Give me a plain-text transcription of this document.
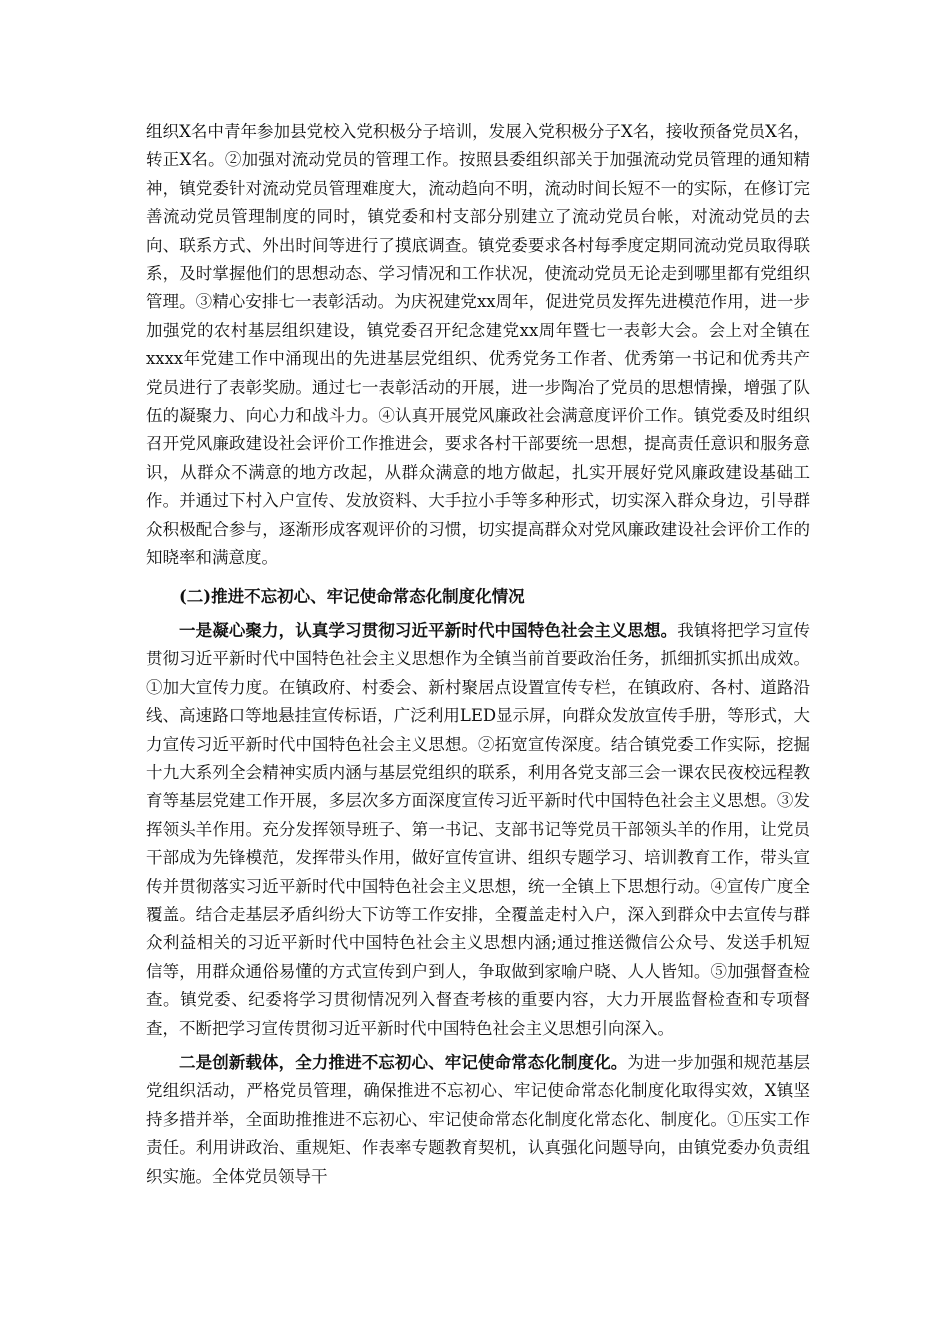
组织X名中青年参加县党校入党积极分子培训，发展入党积极分子X名，接收预备党员X名，转正X名。②加强对流动党员的管理工作。按照县委组织部关于加强流动党员管理的通知精神，镇党委针对流动党员管理难度大，流动趋向不明，流动时间长短不一的实际，在修订完善流动党员管理制度的同时，镇党委和村支部分别建立了流动党员台帐，对流动党员的去向、联系方式、外出时间等进行了摸底调查。镇党委要求各村每季度定期同流动党员取得联系，及时掌握他们的思想动态、学习情况和工作状况，使流动党员无论走到哪里都有党组织管理。③精心安排七一表彰活动。为庆祝建党xx周年，促进党员发挥先进模范作用，进一步加强党的农村基层组织建设，镇党委召开纪念建党xx周年暨七一表彰大会。会上对全镇在xxxx年党建工作中涌现出的先进基层党组织、优秀党务工作者、优秀第一书记和优秀共产党员进行了表彰奖励。通过七一表彰活动的开展，进一步陶冶了党员的思想情操，增强了队伍的凝聚力、向心力和战斗力。④认真开展党风廉政社会满意度评价工作。镇党委及时组织召开党风廉政建设社会评价工作推进会，要求各村干部要统一思想，提高责任意识和服务意识，从群众不满意的地方改起，从群众满意的地方做起，扎实开展好党风廉政建设基础工作。并通过下村入户宣传、发放资料、大手拉小手等多种形式，切实深入群众身边，引导群众积极配合参与，逐渐形成客观评价的习惯，切实提高群众对党风廉政建设社会评价工作的知晓率和满意度。

(二)推进不忘初心、牢记使命常态化制度化情况

一是凝心聚力，认真学习贯彻习近平新时代中国特色社会主义思想。我镇将把学习宣传贯彻习近平新时代中国特色社会主义思想作为全镇当前首要政治任务，抓细抓实抓出成效。①加大宣传力度。在镇政府、村委会、新村聚居点设置宣传专栏，在镇政府、各村、道路沿线、高速路口等地悬挂宣传标语，广泛利用LED显示屏，向群众发放宣传手册，等形式，大力宣传习近平新时代中国特色社会主义思想。②拓宽宣传深度。结合镇党委工作实际，挖掘十九大系列全会精神实质内涵与基层党组织的联系，利用各党支部三会一课农民夜校远程教育等基层党建工作开展，多层次多方面深度宣传习近平新时代中国特色社会主义思想。③发挥领头羊作用。充分发挥领导班子、第一书记、支部书记等党员干部领头羊的作用，让党员干部成为先锋模范，发挥带头作用，做好宣传宣讲、组织专题学习、培训教育工作，带头宣传并贯彻落实习近平新时代中国特色社会主义思想，统一全镇上下思想行动。④宣传广度全覆盖。结合走基层矛盾纠纷大下访等工作安排，全覆盖走村入户，深入到群众中去宣传与群众利益相关的习近平新时代中国特色社会主义思想内涵;通过推送微信公众号、发送手机短信等，用群众通俗易懂的方式宣传到户到人，争取做到家喻户晓、人人皆知。⑤加强督查检查。镇党委、纪委将学习贯彻情况列入督查考核的重要内容，大力开展监督检查和专项督查，不断把学习宣传贯彻习近平新时代中国特色社会主义思想引向深入。

二是创新载体，全力推进不忘初心、牢记使命常态化制度化。为进一步加强和规范基层党组织活动，严格党员管理，确保推进不忘初心、牢记使命常态化制度化取得实效，X镇坚持多措并举，全面助推推进不忘初心、牢记使命常态化制度化常态化、制度化。①压实工作责任。利用讲政治、重规矩、作表率专题教育契机，认真强化问题导向，由镇党委办负责组织实施。全体党员领导干
